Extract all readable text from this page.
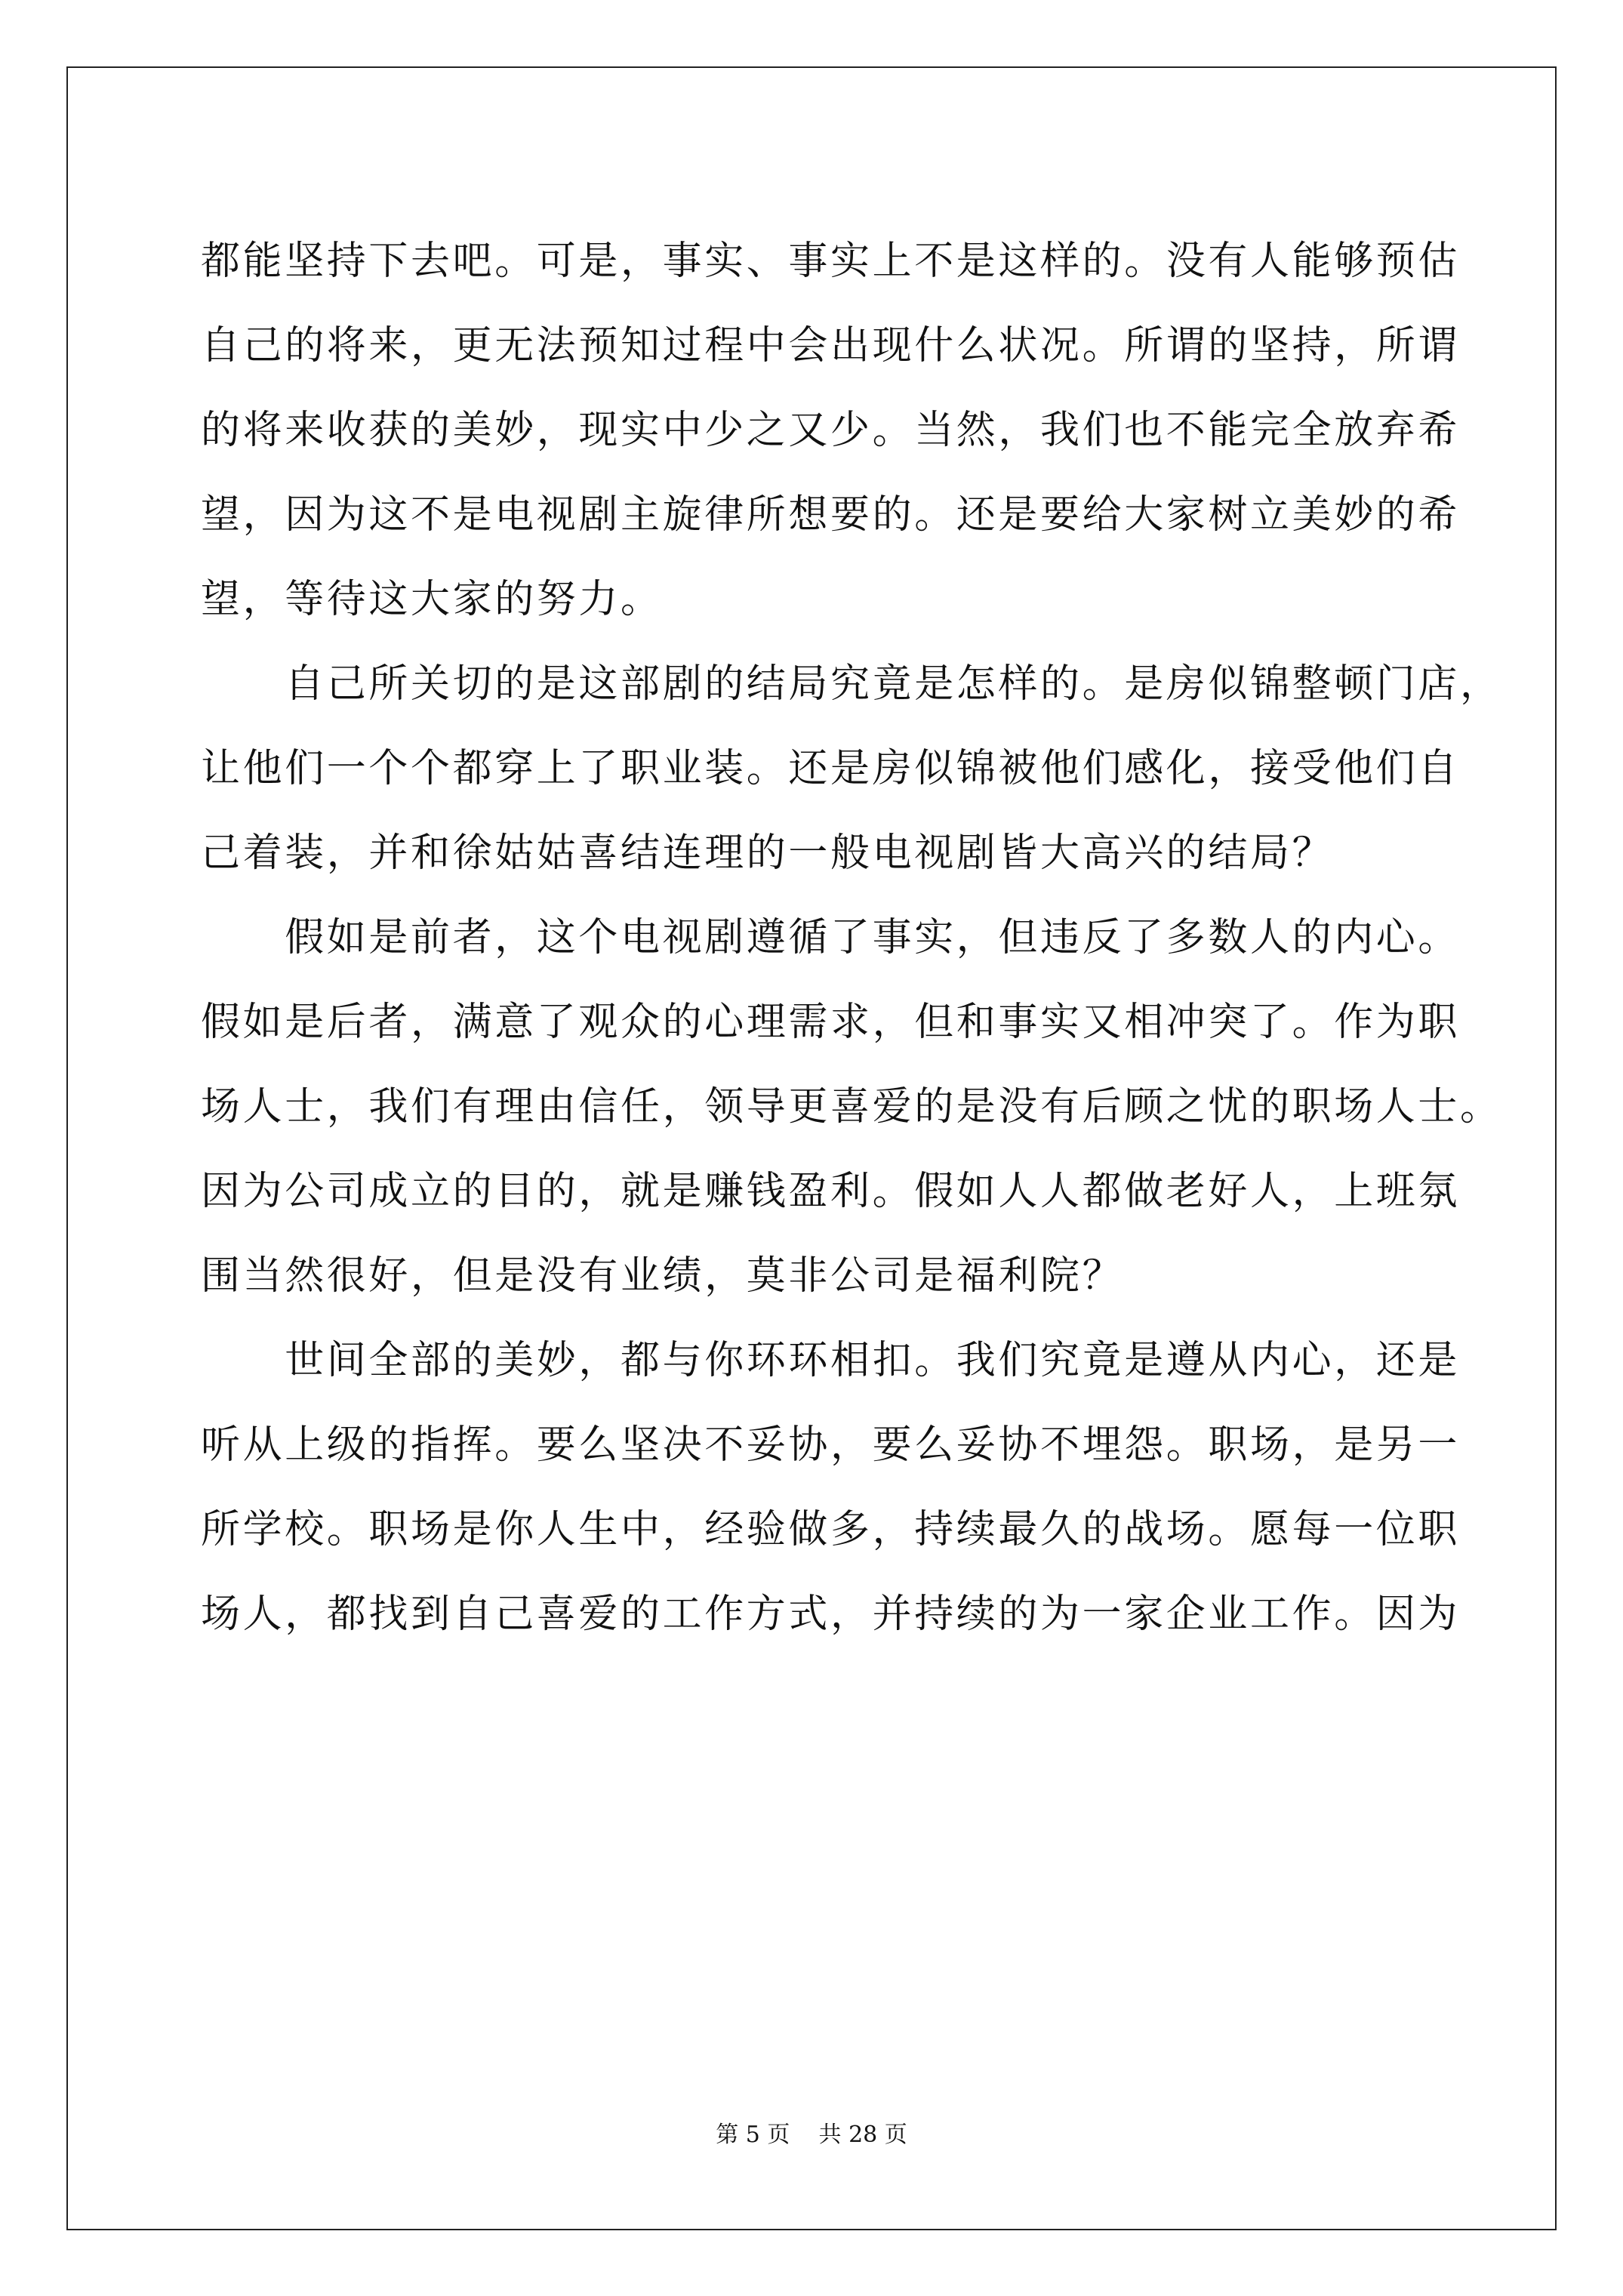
都能坚持下去吧。可是，事实、事实上不是这样的。没有人能够预估
自己的将来，更无法预知过程中会出现什么状况。所谓的坚持，所谓
的将来收获的美妙，现实中少之又少。当然，我们也不能完全放弃希
望，因为这不是电视剧主旋律所想要的。还是要给大家树立美妙的希
望，等待这大家的努力。
　　自己所关切的是这部剧的结局究竟是怎样的。是房似锦整顿门店，
让他们一个个都穿上了职业装。还是房似锦被他们感化，接受他们自
己着装，并和徐姑姑喜结连理的一般电视剧皆大高兴的结局？
　　假如是前者，这个电视剧遵循了事实，但违反了多数人的内心。
假如是后者，满意了观众的心理需求，但和事实又相冲突了。作为职
场人士，我们有理由信任，领导更喜爱的是没有后顾之忧的职场人士。
因为公司成立的目的，就是赚钱盈利。假如人人都做老好人，上班氛
围当然很好，但是没有业绩，莫非公司是福利院？
　　世间全部的美妙，都与你环环相扣。我们究竟是遵从内心，还是
听从上级的指挥。要么坚决不妥协，要么妥协不埋怨。职场，是另一
所学校。职场是你人生中，经验做多，持续最久的战场。愿每一位职
场人，都找到自己喜爱的工作方式，并持续的为一家企业工作。因为
第 5 页 共 28 页
